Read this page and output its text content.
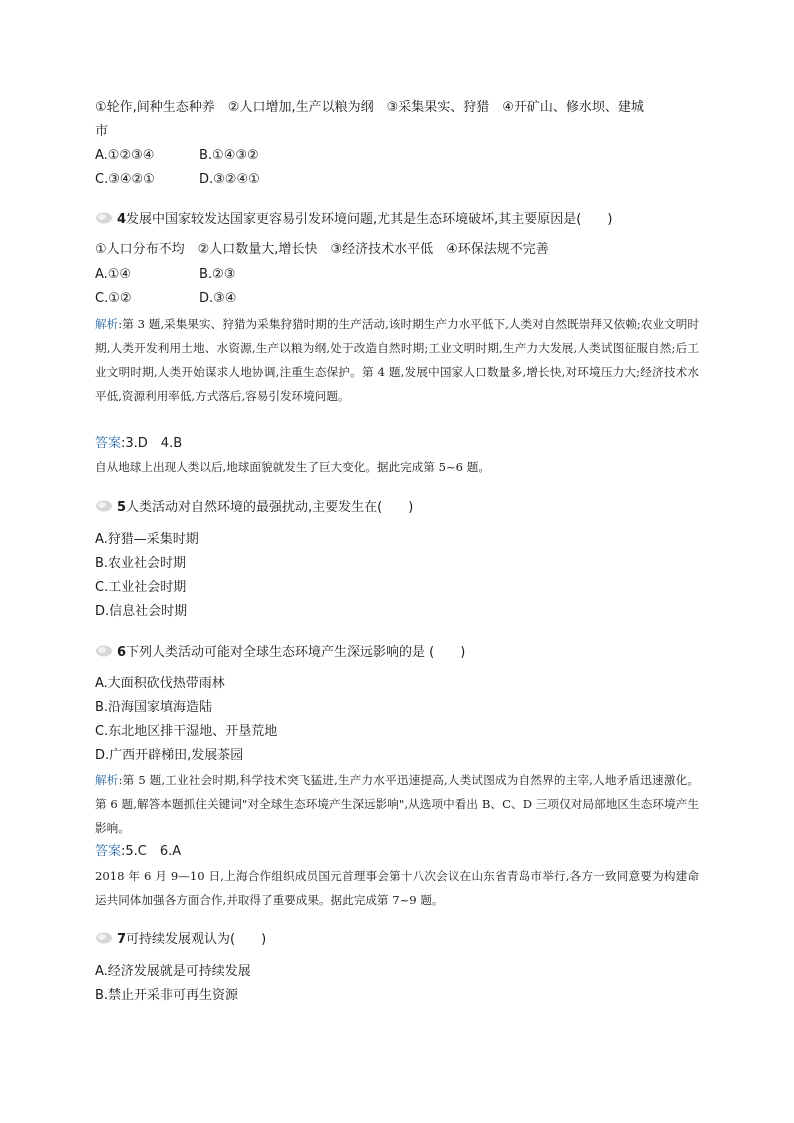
①轮作,间种生态种养　②人口增加,生产以粮为纲　③采集果实、狩猎　④开矿山、修水坝、建城
市
A.①②③④	B.①④③②
C.③④②①	D.③②④①
4发展中国家较发达国家更容易引发环境问题,尤其是生态环境破坏,其主要原因是(　　)
①人口分布不均　②人口数量大,增长快　③经济技术水平低　④环保法规不完善
A.①④	B.②③
C.①②	D.③④
解析:第 3 题,采集果实、狩猎为采集狩猎时期的生产活动,该时期生产力水平低下,人类对自然既崇拜又依赖;农业文明时期,人类开发利用土地、水资源,生产以粮为纲,处于改造自然时期;工业文明时期,生产力大发展,人类试图征服自然;后工业文明时期,人类开始谋求人地协调,注重生态保护。第 4 题,发展中国家人口数量多,增长快,对环境压力大;经济技术水平低,资源利用率低,方式落后,容易引发环境问题。
答案:3.D　4.B
自从地球上出现人类以后,地球面貌就发生了巨大变化。据此完成第 5~6 题。
5人类活动对自然环境的最强扰动,主要发生在(　　)
A.狩猎—采集时期
B.农业社会时期
C.工业社会时期
D.信息社会时期
6下列人类活动可能对全球生态环境产生深远影响的是 (　　)
A.大面积砍伐热带雨林
B.沿海国家填海造陆
C.东北地区排干湿地、开垦荒地
D.广西开辟梯田,发展茶园
解析:第 5 题,工业社会时期,科学技术突飞猛进,生产力水平迅速提高,人类试图成为自然界的主宰,人地矛盾迅速激化。第 6 题,解答本题抓住关键词"对全球生态环境产生深远影响",从选项中看出 B、C、D 三项仅对局部地区生态环境产生影响。
答案:5.C　6.A
2018 年 6 月 9—10 日,上海合作组织成员国元首理事会第十八次会议在山东省青岛市举行,各方一致同意要为构建命运共同体加强各方面合作,并取得了重要成果。据此完成第 7~9 题。
7可持续发展观认为(　　)
A.经济发展就是可持续发展
B.禁止开采非可再生资源
